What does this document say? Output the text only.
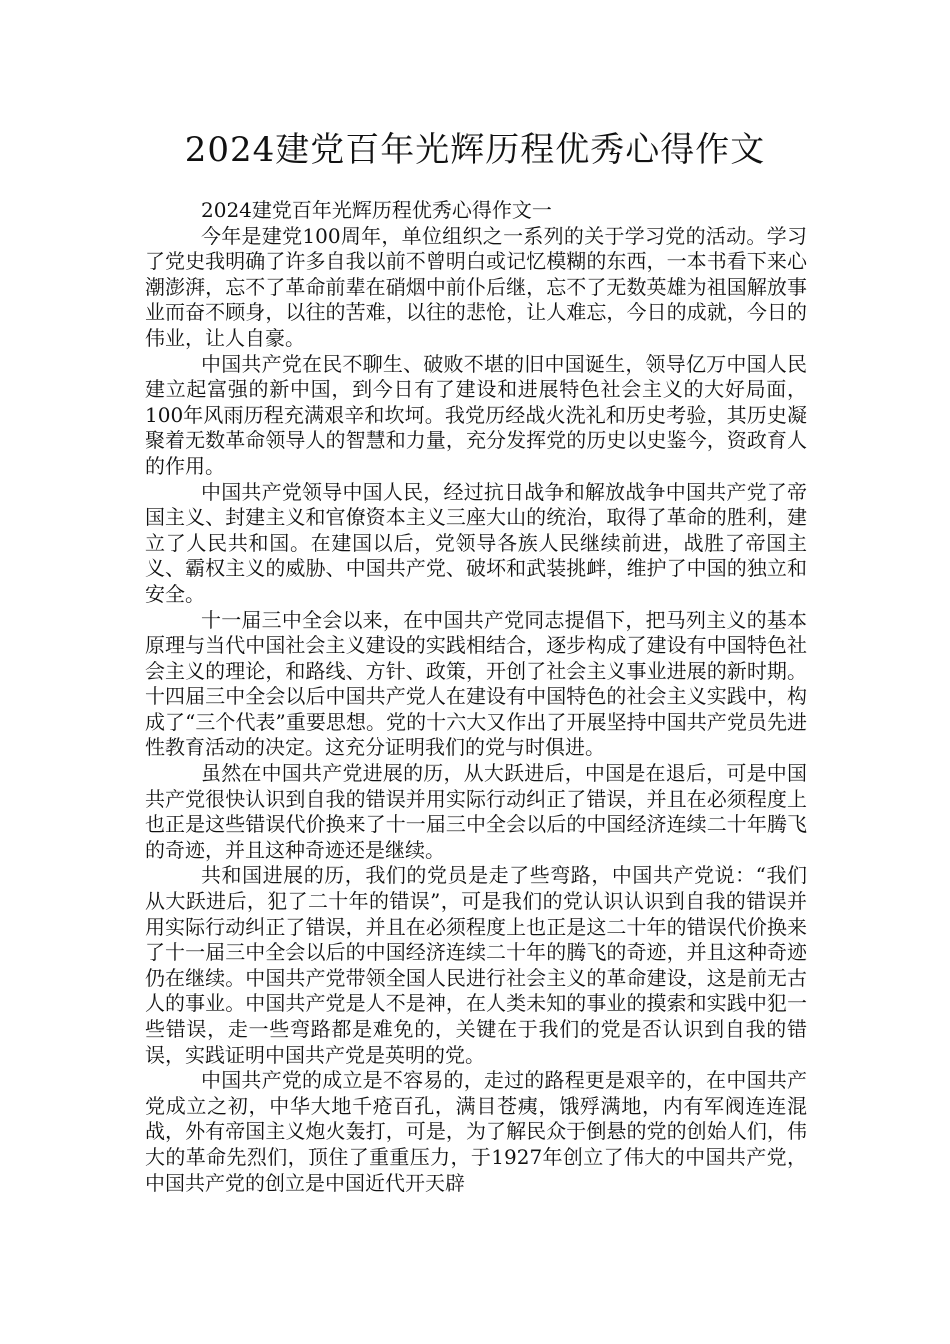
2024建党百年光辉历程优秀心得作文

2024建党百年光辉历程优秀心得作文一

今年是建党100周年，单位组织之一系列的关于学习党的活动。学习了党史我明确了许多自我以前不曾明白或记忆模糊的东西，一本书看下来心潮澎湃，忘不了革命前辈在硝烟中前仆后继，忘不了无数英雄为祖国解放事业而奋不顾身，以往的苦难，以往的悲怆，让人难忘，今日的成就，今日的伟业，让人自豪。

中国共产党在民不聊生、破败不堪的旧中国诞生，领导亿万中国人民建立起富强的新中国，到今日有了建设和进展特色社会主义的大好局面，100年风雨历程充满艰辛和坎坷。我党历经战火洗礼和历史考验，其历史凝聚着无数革命领导人的智慧和力量，充分发挥党的历史以史鉴今，资政育人的作用。

中国共产党领导中国人民，经过抗日战争和解放战争中国共产党了帝国主义、封建主义和官僚资本主义三座大山的统治，取得了革命的胜利，建立了人民共和国。在建国以后，党领导各族人民继续前进，战胜了帝国主义、霸权主义的威胁、中国共产党、破坏和武装挑衅，维护了中国的独立和安全。

十一届三中全会以来，在中国共产党同志提倡下，把马列主义的基本原理与当代中国社会主义建设的实践相结合，逐步构成了建设有中国特色社会主义的理论，和路线、方针、政策，开创了社会主义事业进展的新时期。十四届三中全会以后中国共产党人在建设有中国特色的社会主义实践中，构成了“三个代表”重要思想。党的十六大又作出了开展坚持中国共产党员先进性教育活动的决定。这充分证明我们的党与时俱进。

虽然在中国共产党进展的历，从大跃进后，中国是在退后，可是中国共产党很快认识到自我的错误并用实际行动纠正了错误，并且在必须程度上也正是这些错误代价换来了十一届三中全会以后的中国经济连续二十年腾飞的奇迹，并且这种奇迹还是继续。

共和国进展的历，我们的党员是走了些弯路，中国共产党说：“我们从大跃进后，犯了二十年的错误”，可是我们的党认识认识到自我的错误并用实际行动纠正了错误，并且在必须程度上也正是这二十年的错误代价换来了十一届三中全会以后的中国经济连续二十年的腾飞的奇迹，并且这种奇迹仍在继续。中国共产党带领全国人民进行社会主义的革命建设，这是前无古人的事业。中国共产党是人不是神，在人类未知的事业的摸索和实践中犯一些错误，走一些弯路都是难免的，关键在于我们的党是否认识到自我的错误，实践证明中国共产党是英明的党。

中国共产党的成立是不容易的，走过的路程更是艰辛的，在中国共产党成立之初，中华大地千疮百孔，满目苍痍，饿殍满地，内有军阀连连混战，外有帝国主义炮火轰打，可是，为了解民众于倒悬的党的创始人们，伟大的革命先烈们，顶住了重重压力，于1927年创立了伟大的中国共产党，中国共产党的创立是中国近代开天辟
